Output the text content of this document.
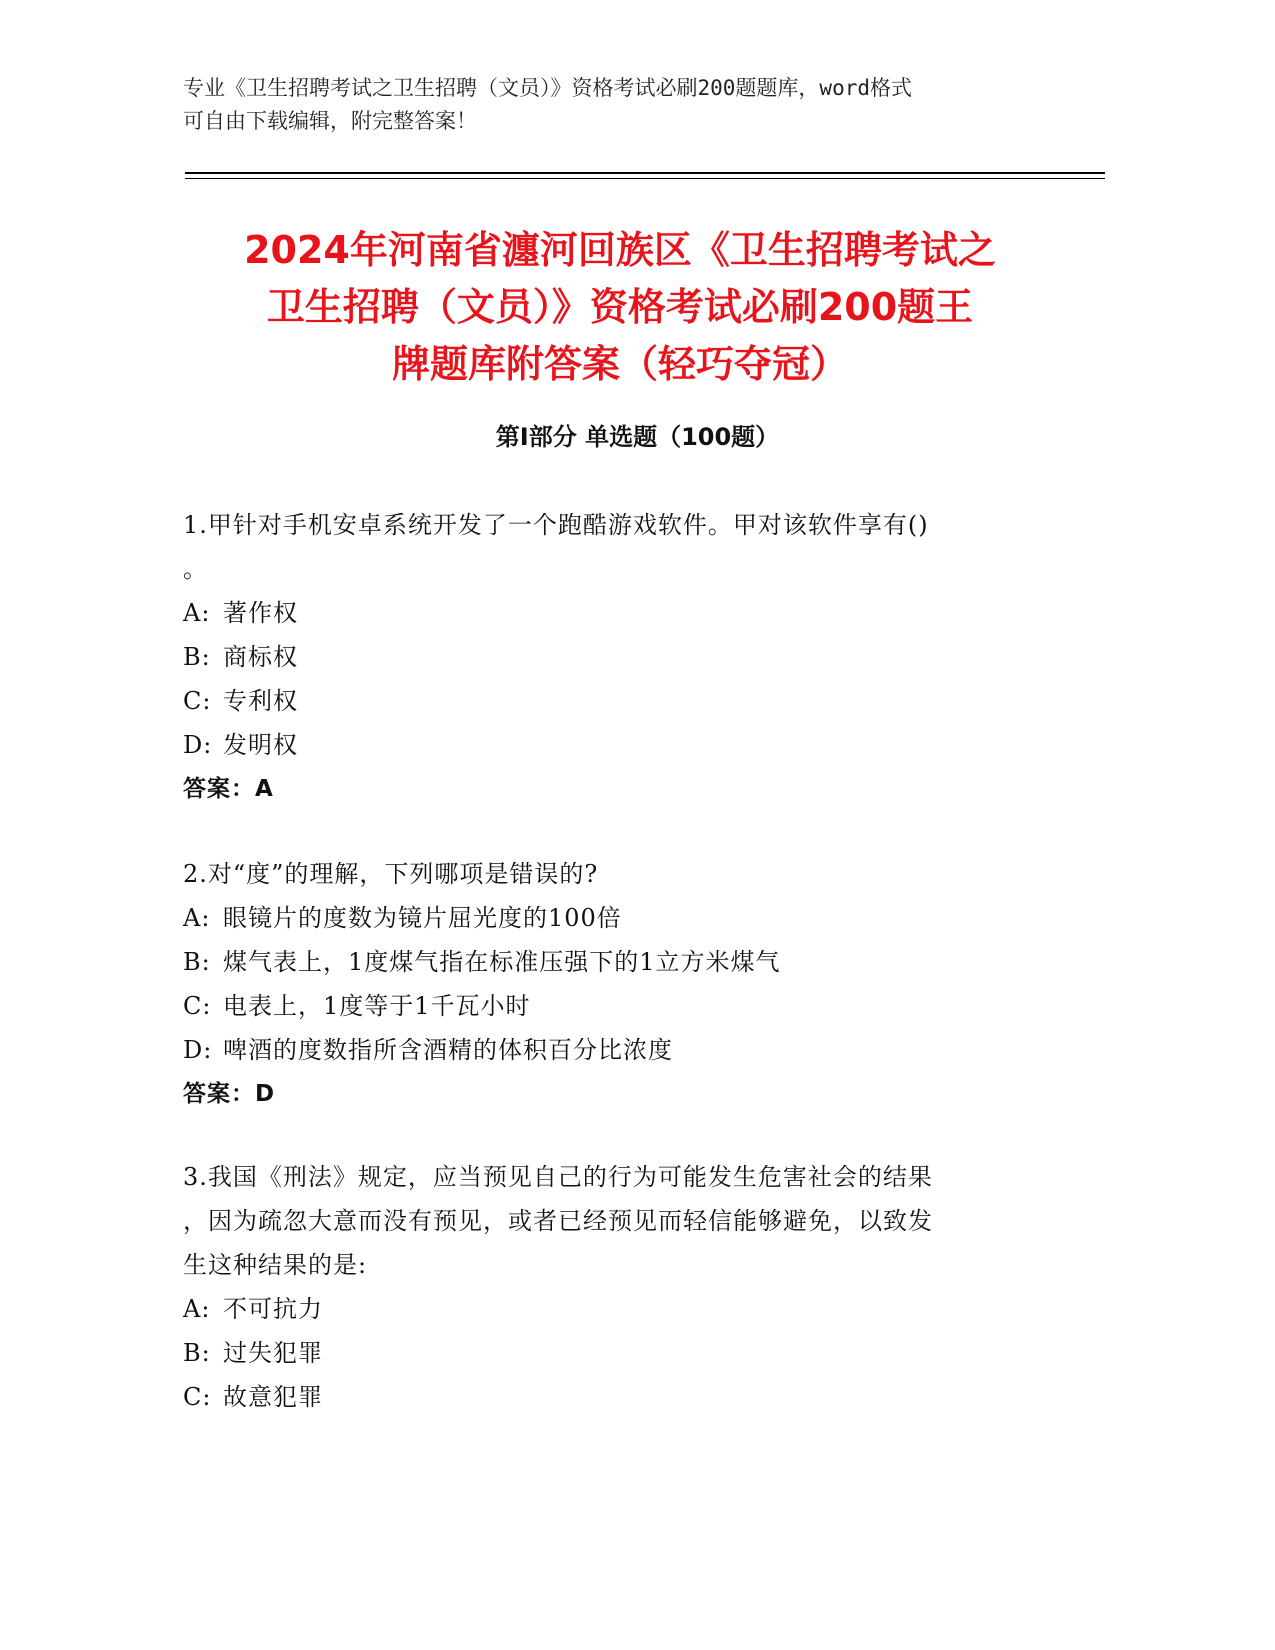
专业《卫生招聘考试之卫生招聘（文员）》资格考试必刷200题题库，word格式
可自由下载编辑，附完整答案！
2024年河南省瀍河回族区《卫生招聘考试之
卫生招聘（文员）》资格考试必刷200题王
牌题库附答案（轻巧夺冠）
第Ⅰ部分 单选题（100题）
1.甲针对手机安卓系统开发了一个跑酷游戏软件。甲对该软件享有()
。
A: 著作权
B: 商标权
C: 专利权
D: 发明权
答案：A
2.对“度”的理解，下列哪项是错误的?
A: 眼镜片的度数为镜片屈光度的100倍
B: 煤气表上，1度煤气指在标准压强下的1立方米煤气
C: 电表上，1度等于1千瓦小时
D: 啤酒的度数指所含酒精的体积百分比浓度
答案：D
3.我国《刑法》规定，应当预见自己的行为可能发生危害社会的结果
，因为疏忽大意而没有预见，或者已经预见而轻信能够避免，以致发
生这种结果的是:
A: 不可抗力
B: 过失犯罪
C: 故意犯罪
